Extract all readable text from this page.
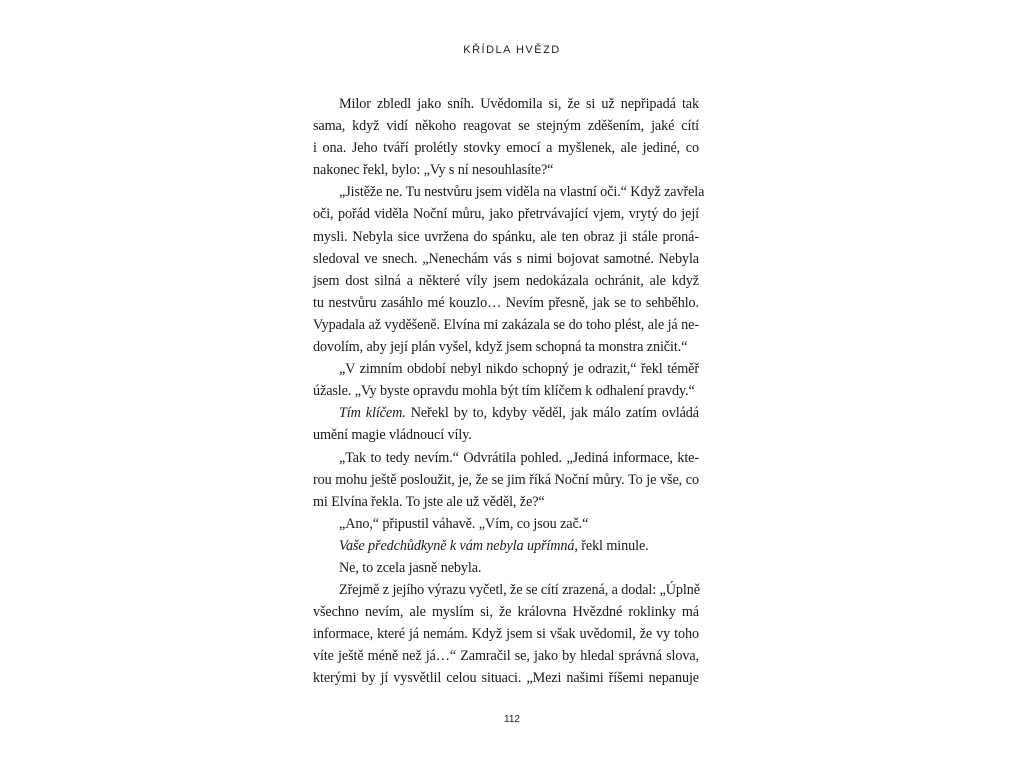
KŘÍDLA HVĚZD
Milor zbledl jako sníh. Uvědomila si, že si už nepřipadá tak
sama, když vidí někoho reagovat se stejným zděšením, jaké cítí
i ona. Jeho tváří prolétly stovky emocí a myšlenek, ale jediné, co
nakonec řekl, bylo: „Vy s ní nesouhlasíte?“
„Jistěže ne. Tu nestvůru jsem viděla na vlastní oči.“ Když zavřela
oči, pořád viděla Noční můru, jako přetrvávající vjem, vrytý do její
mysli. Nebyla sice uvržena do spánku, ale ten obraz ji stále proná-
sledoval ve snech. „Nenechám vás s nimi bojovat samotné. Nebyla
jsem dost silná a některé víly jsem nedokázala ochránit, ale když
tu nestvůru zasáhlo mé kouzlo… Nevím přesně, jak se to sehběhlo.
Vypadala až vyděšeně. Elvína mi zakázala se do toho plést, ale já ne-
dovolím, aby její plán vyšel, když jsem schopná ta monstra zničit.“
„V zimním období nebyl nikdo schopný je odrazit,“ řekl téměř
úžasle. „Vy byste opravdu mohla být tím klíčem k odhalení pravdy.“
Tím klíčem. Neřekl by to, kdyby věděl, jak málo zatím ovládá
umění magie vládnoucí víly.
„Tak to tedy nevím.“ Odvrátila pohled. „Jediná informace, kte-
rou mohu ještě posloužit, je, že se jim říká Noční můry. To je vše, co
mi Elvína řekla. To jste ale už věděl, že?“
„Ano,“ připustil váhavě. „Vím, co jsou zač.“
Vaše předchůdkyně k vám nebyla upřímná, řekl minule.
Ne, to zcela jasně nebyla.
Zřejmě z jejího výrazu vyčetl, že se cítí zrazená, a dodal: „Úplně
všechno nevím, ale myslím si, že královna Hvězdné roklinky má
informace, které já nemám. Když jsem si však uvědomil, že vy toho
víte ještě méně než já…“ Zamračil se, jako by hledal správná slova,
kterými by jí vysvětlil celou situaci. „Mezi našimi říšemi nepanuje
112
